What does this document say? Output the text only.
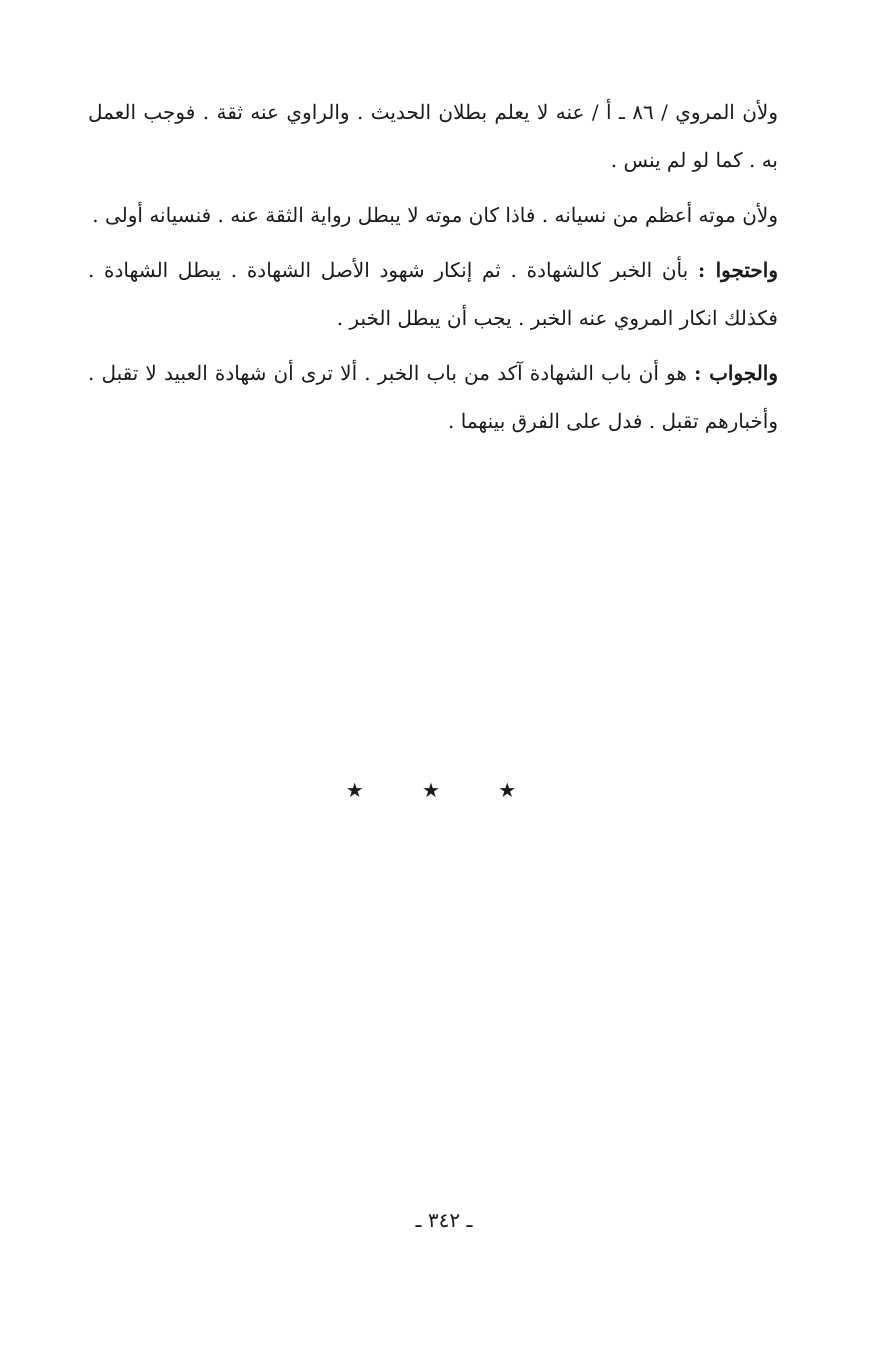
ولأن المروي / ٨٦ ـ أ / عنه لا يعلم بطلان الحديث . والراوي عنه ثقة . فوجب العمل به . كما لو لم ينس .

ولأن موته أعظم من نسيانه . فاذا كان موته لا يبطل رواية الثقة عنه . فنسيانه أولى .

واحتجوا : بأن الخبر كالشهادة . ثم إنكار شهود الأصل الشهادة . يبطل الشهادة . فكذلك انكار المروي عنه الخبر . يجب أن يبطل الخبر .

والجواب : هو أن باب الشهادة آكد من باب الخبر . ألا ترى أن شهادة العبيد لا تقبل . وأخبارهم تقبل . فدل على الفرق بينهما .

★ ★ ★
ـ ٣٤٢ ـ
